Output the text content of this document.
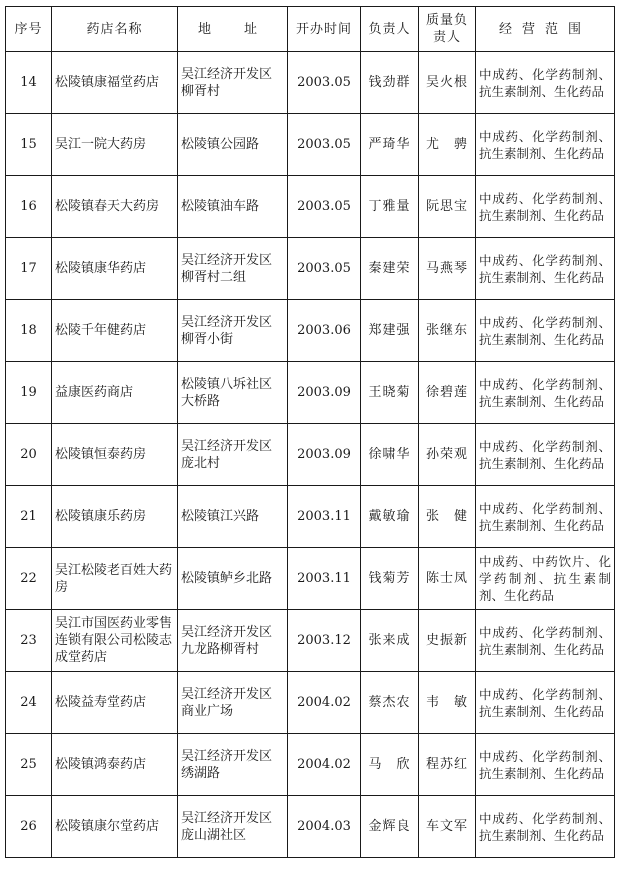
序号	药店名称	地　址	开办时间	负责人	质量负责人	经营范围
14	松陵镇康福堂药店	吴江经济开发区柳胥村	2003.05	钱劲群	吴火根	中成药、化学药制剂、抗生素制剂、生化药品
15	吴江一院大药房	松陵镇公园路	2003.05	严琦华	尤　骋	中成药、化学药制剂、抗生素制剂、生化药品
16	松陵镇春天大药房	松陵镇油车路	2003.05	丁雅量	阮思宝	中成药、化学药制剂、抗生素制剂、生化药品
17	松陵镇康华药店	吴江经济开发区柳胥村二组	2003.05	秦建荣	马燕琴	中成药、化学药制剂、抗生素制剂、生化药品
18	松陵千年健药店	吴江经济开发区柳胥小街	2003.06	郑建强	张继东	中成药、化学药制剂、抗生素制剂、生化药品
19	益康医药商店	松陵镇八坼社区大桥路	2003.09	王晓菊	徐碧莲	中成药、化学药制剂、抗生素制剂、生化药品
20	松陵镇恒泰药房	吴江经济开发区庞北村	2003.09	徐啸华	孙荣观	中成药、化学药制剂、抗生素制剂、生化药品
21	松陵镇康乐药房	松陵镇江兴路	2003.11	戴敏瑜	张　健	中成药、化学药制剂、抗生素制剂、生化药品
22	吴江松陵老百姓大药房	松陵镇鲈乡北路	2003.11	钱菊芳	陈士凤	中成药、中药饮片、化学药制剂、抗生素制剂、生化药品
23	吴江市国医药业零售连锁有限公司松陵志成堂药店	吴江经济开发区九龙路柳胥村	2003.12	张来成	史振新	中成药、化学药制剂、抗生素制剂、生化药品
24	松陵益寿堂药店	吴江经济开发区商业广场	2004.02	蔡杰农	韦　敏	中成药、化学药制剂、抗生素制剂、生化药品
25	松陵镇鸿泰药店	吴江经济开发区绣湖路	2004.02	马　欣	程苏红	中成药、化学药制剂、抗生素制剂、生化药品
26	松陵镇康尔堂药店	吴江经济开发区庞山湖社区	2004.03	金辉良	车文军	中成药、化学药制剂、抗生素制剂、生化药品
